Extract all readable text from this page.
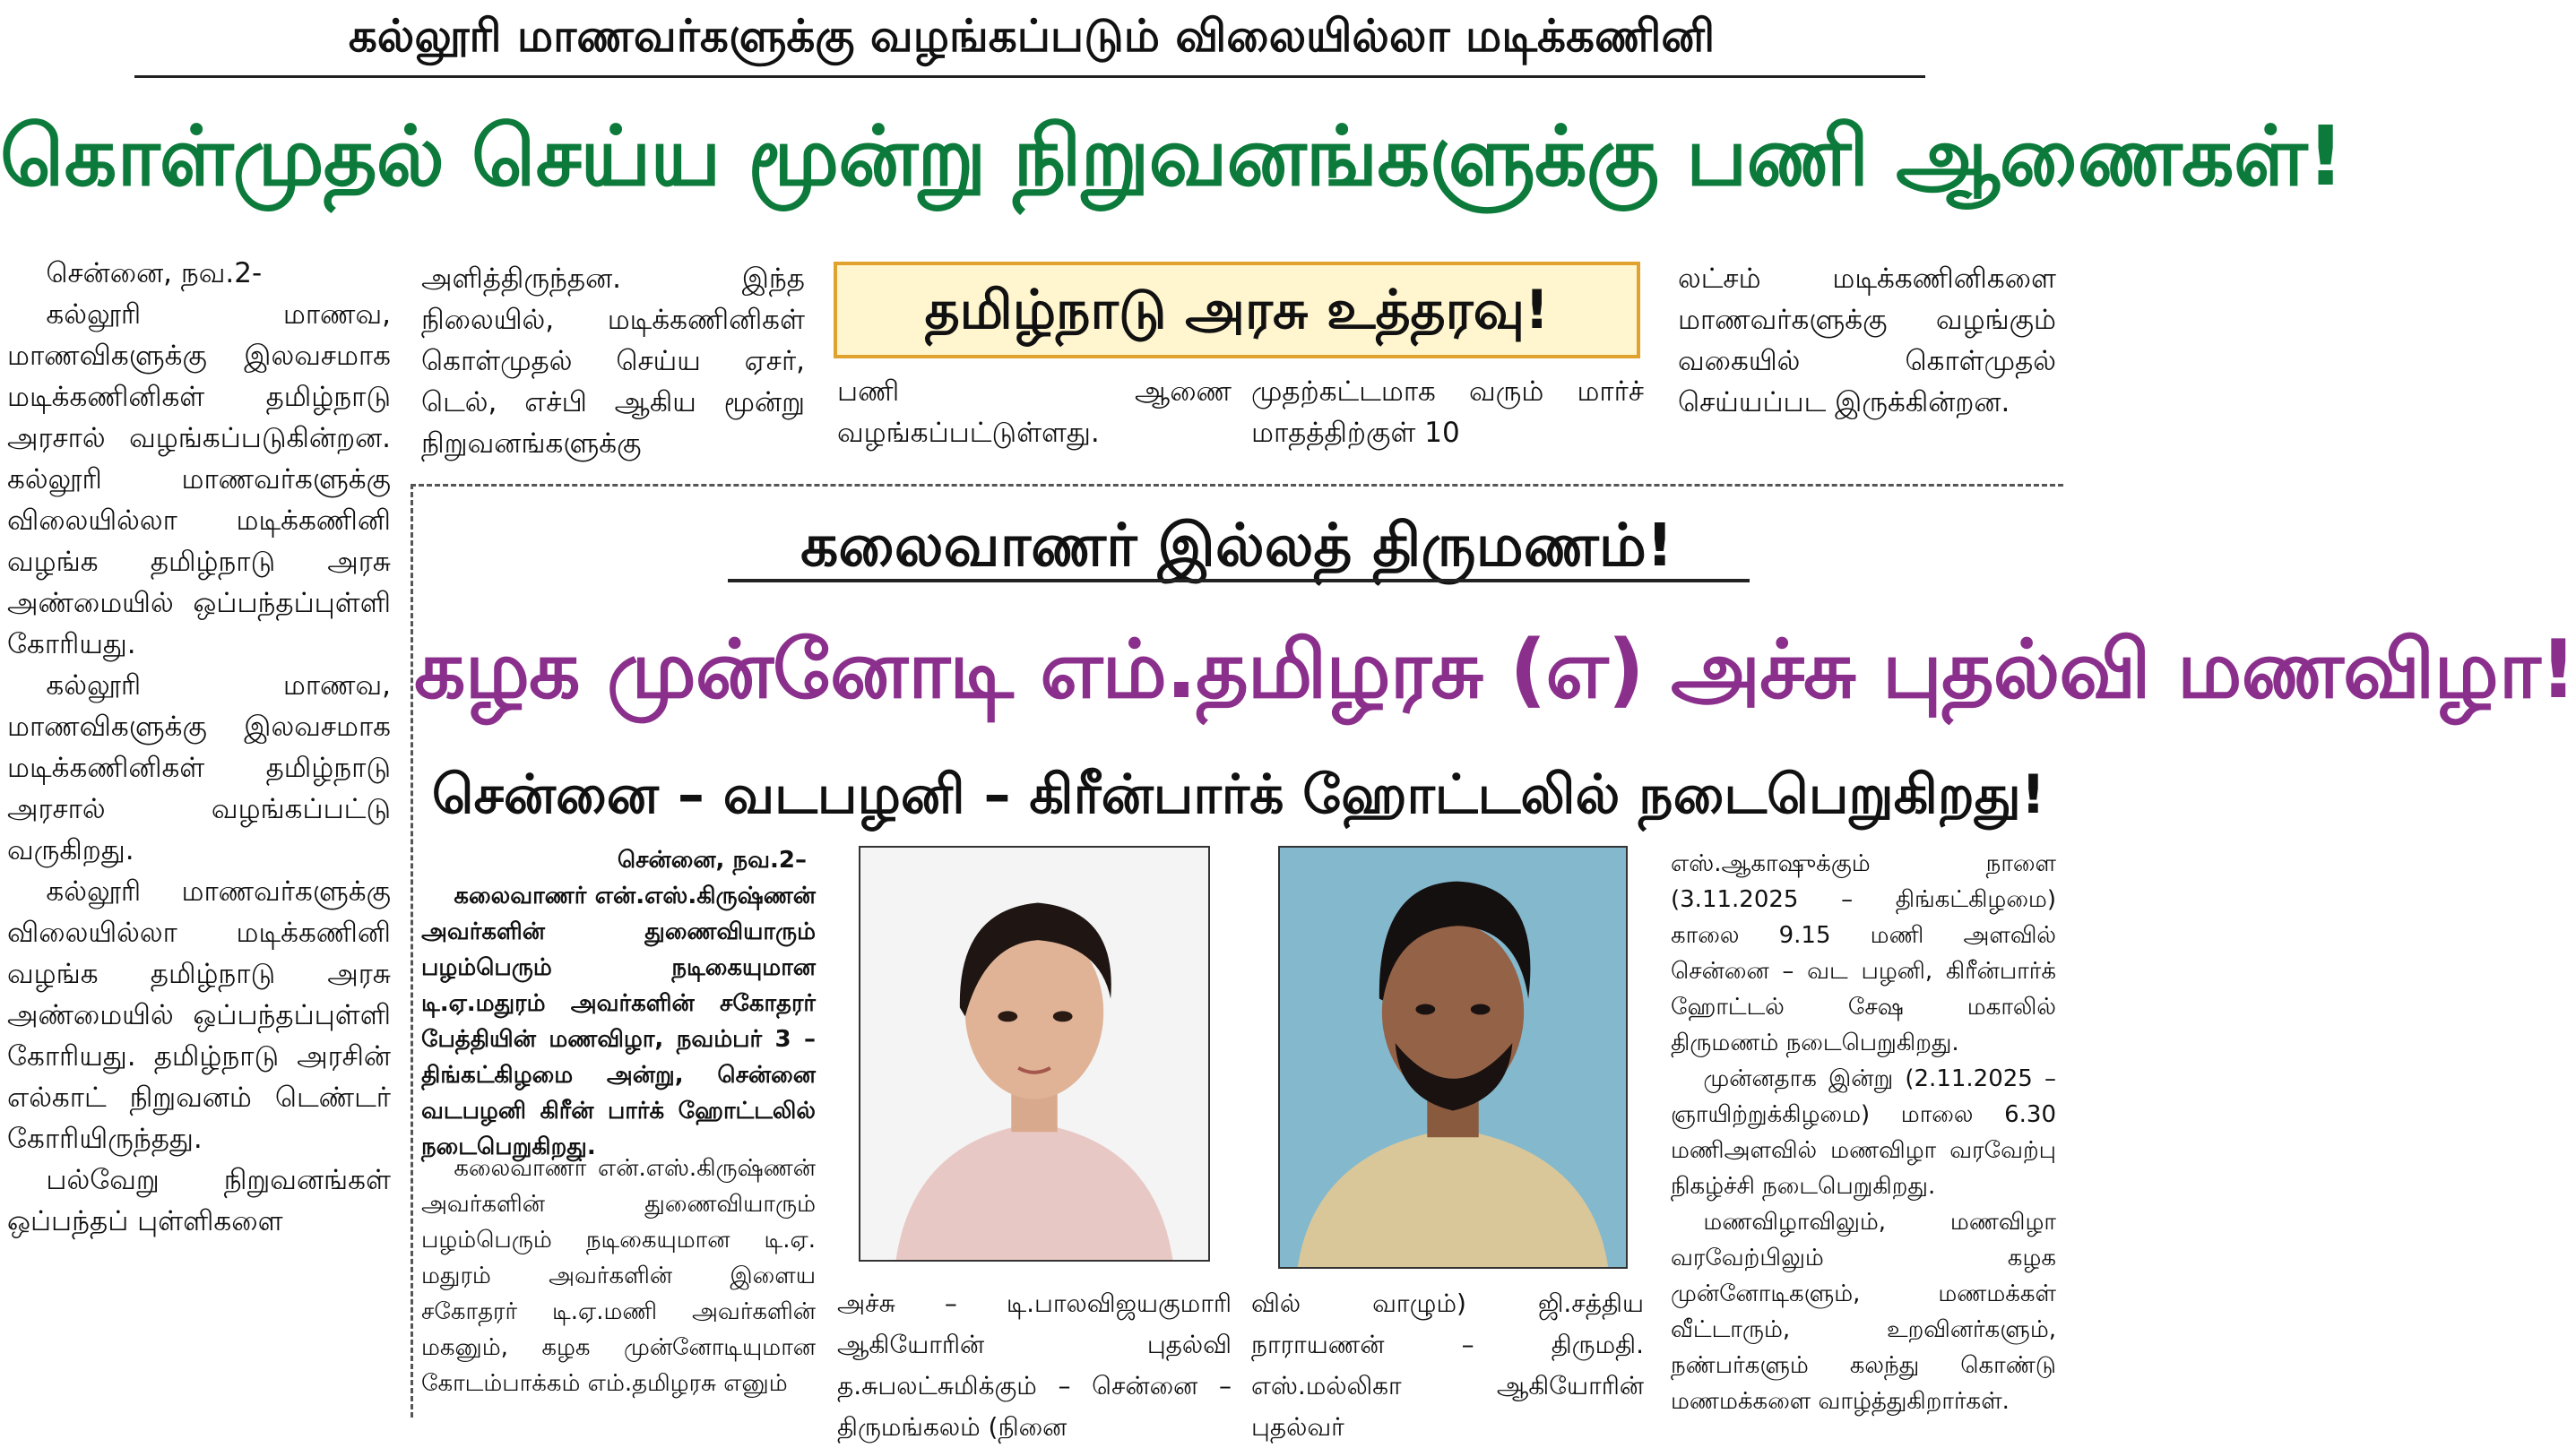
கல்லூரி மாணவர்களுக்கு வழங்கப்படும் விலையில்லா மடிக்கணினி
கொள்முதல் செய்ய மூன்று நிறுவனங்களுக்கு பணி ஆணைகள்!

சென்னை, நவ.2-

கல்லூரி மாணவ, மாணவிகளுக்கு இலவசமாக மடிக்கணினிகள் தமிழ்நாடு அரசால் வழங்கப்படுகின்றன. கல்லூரி மாணவர்களுக்கு விலையில்லா மடிக்கணினி வழங்க தமிழ்நாடு அரசு அண்மையில் ஒப்பந்தப்புள்ளி கோரியது.

கல்லூரி மாணவ, மாணவிகளுக்கு இலவசமாக மடிக்கணினிகள் தமிழ்நாடு அரசால் வழங்கப்பட்டு வருகிறது.

கல்லூரி மாணவர்களுக்கு விலையில்லா மடிக்கணினி வழங்க தமிழ்நாடு அரசு அண்மையில் ஒப்பந்தப்புள்ளி கோரியது. தமிழ்நாடு அரசின் எல்காட் நிறுவனம் டெண்டர் கோரியிருந்தது.

பல்வேறு நிறுவனங்கள் ஒப்பந்தப் புள்ளிகளை

அளித்திருந்தன. இந்த நிலையில், மடிக்கணினிகள் கொள்முதல் செய்ய ஏசர், டெல், எச்பி ஆகிய மூன்று நிறுவனங்களுக்கு

தமிழ்நாடு அரசு உத்தரவு!

பணி ஆணை வழங்கப்பட்டுள்ளது.

முதற்கட்டமாக வரும் மார்ச் மாதத்திற்குள் 10

லட்சம் மடிக்கணினிகளை மாணவர்களுக்கு வழங்கும் வகையில் கொள்முதல் செய்யப்பட இருக்கின்றன.

கலைவாணர் இல்லத் திருமணம்!
கழக முன்னோடி எம்.தமிழரசு (எ) அச்சு புதல்வி மணவிழா!
சென்னை – வடபழனி – கிரீன்பார்க் ஹோட்டலில் நடைபெறுகிறது!

சென்னை, நவ.2–

கலைவாணர் என்.எஸ்.கிருஷ்ணன் அவர்களின் துணைவியாரும் பழம்பெரும் நடிகையுமான டி.ஏ.மதுரம் அவர்களின் சகோதரர் பேத்தியின் மணவிழா, நவம்பர் 3 – திங்கட்கிழமை அன்று, சென்னை வடபழனி கிரீன் பார்க் ஹோட்டலில் நடைபெறுகிறது.

கலைவாணர் என்.எஸ்.கிருஷ்ணன் அவர்களின் துணைவியாரும் பழம்பெரும் நடிகையுமான டி.ஏ. மதுரம் அவர்களின் இளைய சகோதரர் டி.ஏ.மணி அவர்களின் மகனும், கழக முன்னோடியுமான கோடம்பாக்கம் எம்.தமிழரசு எனும்

அச்சு – டி.பாலவிஜயகுமாரி ஆகியோரின் புதல்வி த.சுபலட்சுமிக்கும் – சென்னை – திருமங்கலம் (நினை

வில் வாழும்) ஜி.சத்திய நாராயணன் – திருமதி. எஸ்.மல்லிகா ஆகியோரின் புதல்வர்

எஸ்.ஆகாஷுக்கும் நாளை (3.11.2025 – திங்கட்கிழமை) காலை 9.15 மணி அளவில் சென்னை – வட பழனி, கிரீன்பார்க் ஹோட்டல் சேஷ மகாலில் திருமணம் நடைபெறுகிறது.

முன்னதாக இன்று (2.11.2025 – ஞாயிற்றுக்கிழமை) மாலை 6.30 மணிஅளவில் மணவிழா வரவேற்பு நிகழ்ச்சி நடைபெறுகிறது.

மணவிழாவிலும், மணவிழா வரவேற்பிலும் கழக முன்னோடிகளும், மணமக்கள் வீட்டாரும், உறவினர்களும், நண்பர்களும் கலந்து கொண்டு மணமக்களை வாழ்த்துகிறார்கள்.
